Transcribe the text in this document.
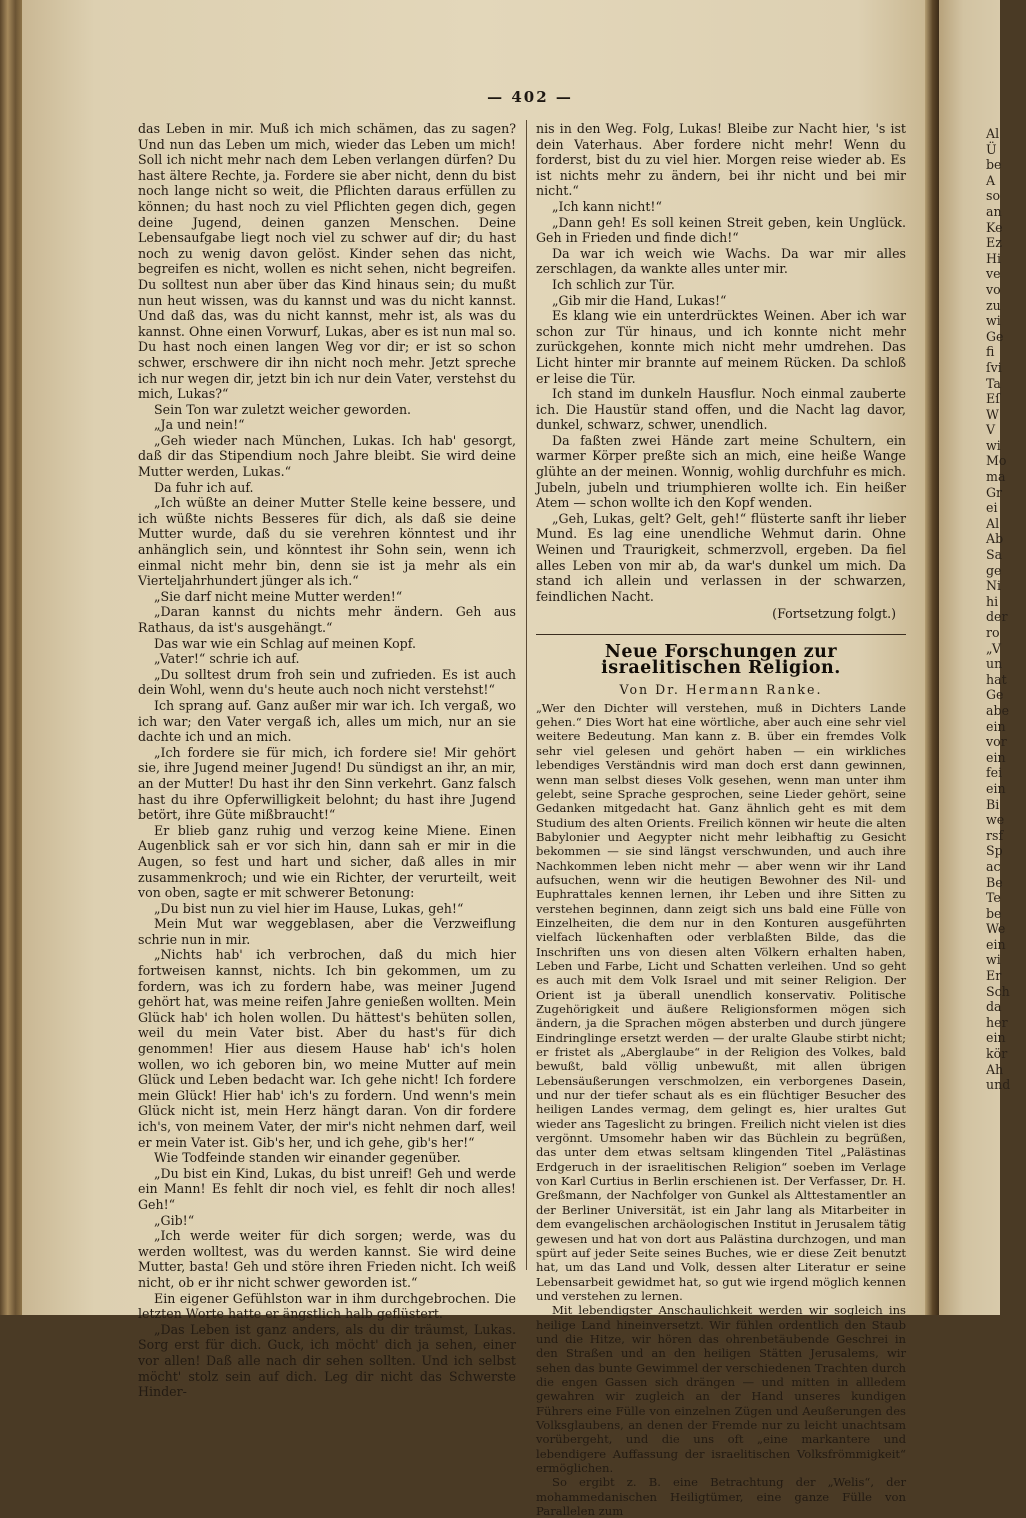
Al
Ü
be
A
so
an
Ke
Ez
Hi
ve
vo
zu
wi
Ge
fi
ſvi
Ta
Eſ
W
V
wi
Mo
ma
Gr
ei
Al
Ab
Sa
ge
Ni
hi
der
ro
„V
un
hat
Ge
abe
ein
vor
ein
fei
ein
Bi
we
rsf
Sp
ac
Be
Te
be
We
ein
wi
Er
Sch
da
her
ein
kör
Ah
und
— 402 —

das Leben in mir. Muß ich mich schämen, das zu sagen? Und nun das Leben um mich, wieder das Leben um mich! Soll ich nicht mehr nach dem Leben verlangen dürfen? Du hast ältere Rechte, ja. Fordere sie aber nicht, denn du bist noch lange nicht so weit, die Pflichten daraus erfüllen zu können; du hast noch zu viel Pflichten gegen dich, gegen deine Jugend, deinen ganzen Menschen. Deine Lebensaufgabe liegt noch viel zu schwer auf dir; du hast noch zu wenig davon gelöst. Kinder sehen das nicht, begreifen es nicht, wollen es nicht sehen, nicht begreifen. Du solltest nun aber über das Kind hinaus sein; du mußt nun heut wissen, was du kannst und was du nicht kannst. Und daß das, was du nicht kannst, mehr ist, als was du kannst. Ohne einen Vorwurf, Lukas, aber es ist nun mal so. Du hast noch einen langen Weg vor dir; er ist so schon schwer, erschwere dir ihn nicht noch mehr. Jetzt spreche ich nur wegen dir, jetzt bin ich nur dein Vater, verstehst du mich, Lukas?“

Sein Ton war zuletzt weicher geworden.

„Ja und nein!“

„Geh wieder nach München, Lukas. Ich hab' gesorgt, daß dir das Stipendium noch Jahre bleibt. Sie wird deine Mutter werden, Lukas.“

Da fuhr ich auf.

„Ich wüßte an deiner Mutter Stelle keine bessere, und ich wüßte nichts Besseres für dich, als daß sie deine Mutter wurde, daß du sie verehren könntest und ihr anhänglich sein, und könntest ihr Sohn sein, wenn ich einmal nicht mehr bin, denn sie ist ja mehr als ein Vierteljahrhundert jünger als ich.“

„Sie darf nicht meine Mutter werden!“

„Daran kannst du nichts mehr ändern. Geh aus Rathaus, da ist's ausgehängt.“

Das war wie ein Schlag auf meinen Kopf.

„Vater!“ schrie ich auf.

„Du solltest drum froh sein und zufrieden. Es ist auch dein Wohl, wenn du's heute auch noch nicht verstehst!“

Ich sprang auf. Ganz außer mir war ich. Ich vergaß, wo ich war; den Vater vergaß ich, alles um mich, nur an sie dachte ich und an mich.

„Ich fordere sie für mich, ich fordere sie! Mir gehört sie, ihre Jugend meiner Jugend! Du sündigst an ihr, an mir, an der Mutter! Du hast ihr den Sinn verkehrt. Ganz falsch hast du ihre Opferwilligkeit belohnt; du hast ihre Jugend betört, ihre Güte mißbraucht!“

Er blieb ganz ruhig und verzog keine Miene. Einen Augenblick sah er vor sich hin, dann sah er mir in die Augen, so fest und hart und sicher, daß alles in mir zusammenkroch; und wie ein Richter, der verurteilt, weit von oben, sagte er mit schwerer Betonung:

„Du bist nun zu viel hier im Hause, Lukas, geh!“

Mein Mut war weggeblasen, aber die Verzweiflung schrie nun in mir.

„Nichts hab' ich verbrochen, daß du mich hier fortweisen kannst, nichts. Ich bin gekommen, um zu fordern, was ich zu fordern habe, was meiner Jugend gehört hat, was meine reifen Jahre genießen wollten. Mein Glück hab' ich holen wollen. Du hättest's behüten sollen, weil du mein Vater bist. Aber du hast's für dich genommen! Hier aus diesem Hause hab' ich's holen wollen, wo ich geboren bin, wo meine Mutter auf mein Glück und Leben bedacht war. Ich gehe nicht! Ich fordere mein Glück! Hier hab' ich's zu fordern. Und wenn's mein Glück nicht ist, mein Herz hängt daran. Von dir fordere ich's, von meinem Vater, der mir's nicht nehmen darf, weil er mein Vater ist. Gib's her, und ich gehe, gib's her!“

Wie Todfeinde standen wir einander gegenüber.

„Du bist ein Kind, Lukas, du bist unreif! Geh und werde ein Mann! Es fehlt dir noch viel, es fehlt dir noch alles! Geh!“

„Gib!“

„Ich werde weiter für dich sorgen; werde, was du werden wolltest, was du werden kannst. Sie wird deine Mutter, basta! Geh und störe ihren Frieden nicht. Ich weiß nicht, ob er ihr nicht schwer geworden ist.“

Ein eigener Gefühlston war in ihm durchgebrochen. Die letzten Worte hatte er ängstlich halb geflüstert.

„Das Leben ist ganz anders, als du dir träumst, Lukas. Sorg erst für dich. Guck, ich möcht' dich ja sehen, einer vor allen! Daß alle nach dir sehen sollten. Und ich selbst möcht' stolz sein auf dich. Leg dir nicht das Schwerste Hinder-

nis in den Weg. Folg, Lukas! Bleibe zur Nacht hier, 's ist dein Vaterhaus. Aber fordere nicht mehr! Wenn du forderst, bist du zu viel hier. Morgen reise wieder ab. Es ist nichts mehr zu ändern, bei ihr nicht und bei mir nicht.“

„Ich kann nicht!“

„Dann geh! Es soll keinen Streit geben, kein Unglück. Geh in Frieden und finde dich!“

Da war ich weich wie Wachs. Da war mir alles zerschlagen, da wankte alles unter mir.

Ich schlich zur Tür.

„Gib mir die Hand, Lukas!“

Es klang wie ein unterdrücktes Weinen. Aber ich war schon zur Tür hinaus, und ich konnte nicht mehr zurückgehen, konnte mich nicht mehr umdrehen. Das Licht hinter mir brannte auf meinem Rücken. Da schloß er leise die Tür.

Ich stand im dunkeln Hausflur. Noch einmal zauberte ich. Die Haustür stand offen, und die Nacht lag davor, dunkel, schwarz, schwer, unendlich.

Da faßten zwei Hände zart meine Schultern, ein warmer Körper preßte sich an mich, eine heiße Wange glühte an der meinen. Wonnig, wohlig durchfuhr es mich. Jubeln, jubeln und triumphieren wollte ich. Ein heißer Atem — schon wollte ich den Kopf wenden.

„Geh, Lukas, gelt? Gelt, geh!“ flüsterte sanft ihr lieber Mund. Es lag eine unendliche Wehmut darin. Ohne Weinen und Traurigkeit, schmerzvoll, ergeben. Da fiel alles Leben von mir ab, da war's dunkel um mich. Da stand ich allein und verlassen in der schwarzen, feindlichen Nacht.

(Fortsetzung folgt.)
Neue Forschungen zur israelitischen Religion.
Von Dr. Hermann Ranke.

„Wer den Dichter will verstehen, muß in Dichters Lande gehen.“ Dies Wort hat eine wörtliche, aber auch eine sehr viel weitere Bedeutung. Man kann z. B. über ein fremdes Volk sehr viel gelesen und gehört haben — ein wirkliches lebendiges Verständnis wird man doch erst dann gewinnen, wenn man selbst dieses Volk gesehen, wenn man unter ihm gelebt, seine Sprache gesprochen, seine Lieder gehört, seine Gedanken mitgedacht hat. Ganz ähnlich geht es mit dem Studium des alten Orients. Freilich können wir heute die alten Babylonier und Aegypter nicht mehr leibhaftig zu Gesicht bekommen — sie sind längst verschwunden, und auch ihre Nachkommen leben nicht mehr — aber wenn wir ihr Land aufsuchen, wenn wir die heutigen Bewohner des Nil- und Euphrattales kennen lernen, ihr Leben und ihre Sitten zu verstehen beginnen, dann zeigt sich uns bald eine Fülle von Einzelheiten, die dem nur in den Konturen ausgeführten vielfach lückenhaften oder verblaßten Bilde, das die Inschriften uns von diesen alten Völkern erhalten haben, Leben und Farbe, Licht und Schatten verleihen. Und so geht es auch mit dem Volk Israel und mit seiner Religion. Der Orient ist ja überall unendlich konservativ. Politische Zugehörigkeit und äußere Religionsformen mögen sich ändern, ja die Sprachen mögen absterben und durch jüngere Eindringlinge ersetzt werden — der uralte Glaube stirbt nicht; er fristet als „Aberglaube“ in der Religion des Volkes, bald bewußt, bald völlig unbewußt, mit allen übrigen Lebensäußerungen verschmolzen, ein verborgenes Dasein, und nur der tiefer schaut als es ein flüchtiger Besucher des heiligen Landes vermag, dem gelingt es, hier uraltes Gut wieder ans Tageslicht zu bringen. Freilich nicht vielen ist dies vergönnt. Umsomehr haben wir das Büchlein zu begrüßen, das unter dem etwas seltsam klingenden Titel „Palästinas Erdgeruch in der israelitischen Religion“ soeben im Verlage von Karl Curtius in Berlin erschienen ist. Der Verfasser, Dr. H. Greßmann, der Nachfolger von Gunkel als Alttestamentler an der Berliner Universität, ist ein Jahr lang als Mitarbeiter in dem evangelischen archäologischen Institut in Jerusalem tätig gewesen und hat von dort aus Palästina durchzogen, und man spürt auf jeder Seite seines Buches, wie er diese Zeit benutzt hat, um das Land und Volk, dessen alter Literatur er seine Lebensarbeit gewidmet hat, so gut wie irgend möglich kennen und verstehen zu lernen.

Mit lebendigster Anschaulichkeit werden wir sogleich ins heilige Land hineinversetzt. Wir fühlen ordentlich den Staub und die Hitze, wir hören das ohrenbetäubende Geschrei in den Straßen und an den heiligen Stätten Jerusalems, wir sehen das bunte Gewimmel der verschiedenen Trachten durch die engen Gassen sich drängen — und mitten in allledem gewahren wir zugleich an der Hand unseres kundigen Führers eine Fülle von einzelnen Zügen und Aeußerungen des Volksglaubens, an denen der Fremde nur zu leicht unachtsam vorübergeht, und die uns oft „eine markantere und lebendigere Auffassung der israelitischen Volksfrömmigkeit“ ermöglichen.

So ergibt z. B. eine Betrachtung der „Welis“, der mohammedanischen Heiligtümer, eine ganze Fülle von Parallelen zum
